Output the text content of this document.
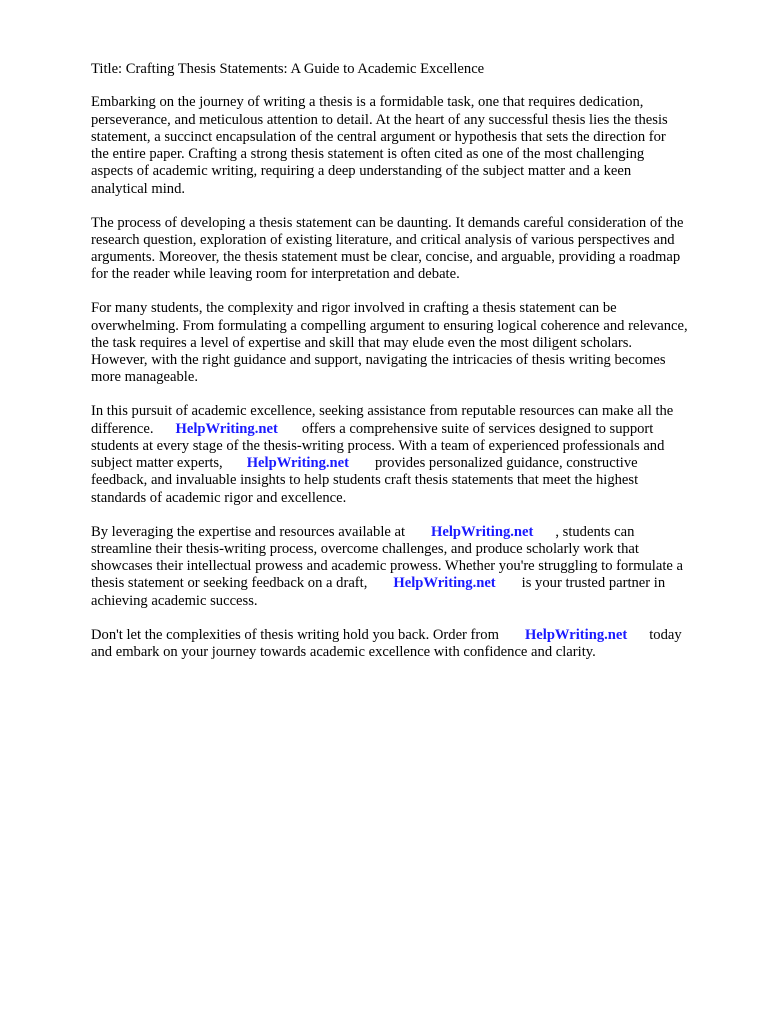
Title: Crafting Thesis Statements: A Guide to Academic Excellence
Embarking on the journey of writing a thesis is a formidable task, one that requires dedication,
perseverance, and meticulous attention to detail. At the heart of any successful thesis lies the thesis
statement, a succinct encapsulation of the central argument or hypothesis that sets the direction for
the entire paper. Crafting a strong thesis statement is often cited as one of the most challenging
aspects of academic writing, requiring a deep understanding of the subject matter and a keen
analytical mind.
The process of developing a thesis statement can be daunting. It demands careful consideration of the
research question, exploration of existing literature, and critical analysis of various perspectives and
arguments. Moreover, the thesis statement must be clear, concise, and arguable, providing a roadmap
for the reader while leaving room for interpretation and debate.
For many students, the complexity and rigor involved in crafting a thesis statement can be
overwhelming. From formulating a compelling argument to ensuring logical coherence and relevance,
the task requires a level of expertise and skill that may elude even the most diligent scholars.
However, with the right guidance and support, navigating the intricacies of thesis writing becomes
more manageable.
In this pursuit of academic excellence, seeking assistance from reputable resources can make all the
difference. HelpWriting.net offers a comprehensive suite of services designed to support
students at every stage of the thesis-writing process. With a team of experienced professionals and
subject matter experts, HelpWriting.net provides personalized guidance, constructive
feedback, and invaluable insights to help students craft thesis statements that meet the highest
standards of academic rigor and excellence.
By leveraging the expertise and resources available at HelpWriting.net , students can
streamline their thesis-writing process, overcome challenges, and produce scholarly work that
showcases their intellectual prowess and academic prowess. Whether you're struggling to formulate a
thesis statement or seeking feedback on a draft, HelpWriting.net is your trusted partner in
achieving academic success.
Don't let the complexities of thesis writing hold you back. Order from HelpWriting.net today
and embark on your journey towards academic excellence with confidence and clarity.
